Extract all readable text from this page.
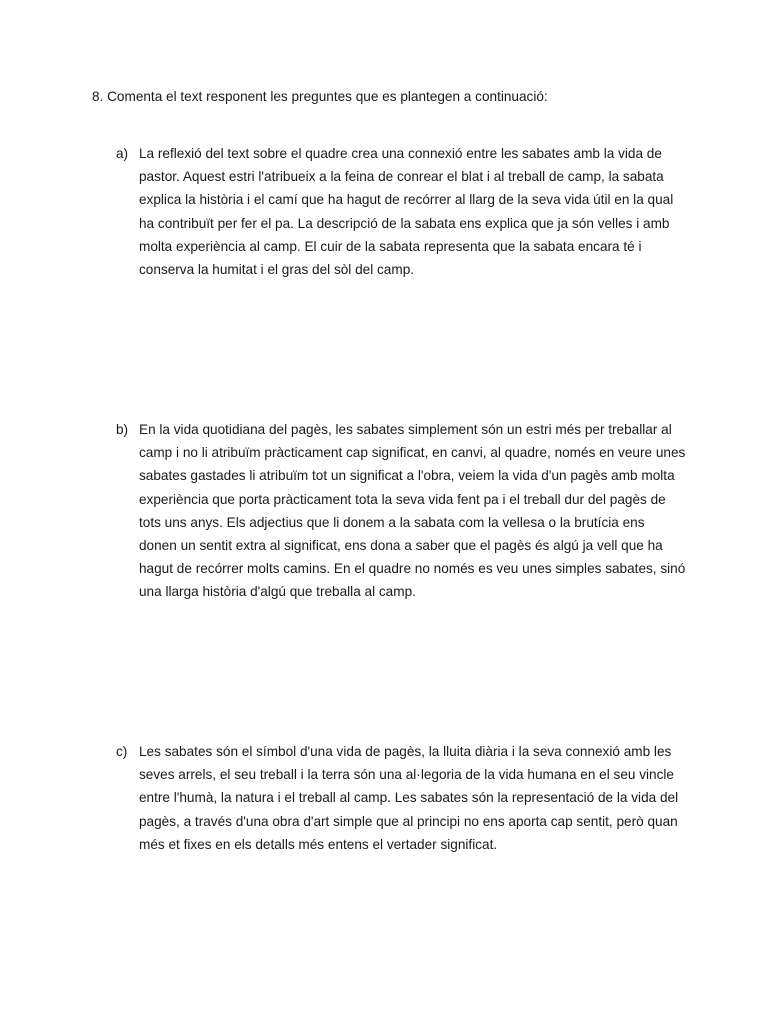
8. Comenta el text responent les preguntes que es plantegen a continuació:
a) La reflexió del text sobre el quadre crea una connexió entre les sabates amb la vida de pastor. Aquest estri l'atribueix a la feina de conrear el blat i al treball de camp, la sabata explica la història i el camí que ha hagut de recórrer al llarg de la seva vida útil en la qual ha contribuït per fer el pa. La descripció de la sabata ens explica que ja són velles i amb molta experiència al camp. El cuir de la sabata representa que la sabata encara té i conserva la humitat i el gras del sòl del camp.
b) En la vida quotidiana del pagès, les sabates simplement són un estri més per treballar al camp i no li atribuïm pràcticament cap significat, en canvi, al quadre, només en veure unes sabates gastades li atribuïm tot un significat a l'obra, veiem la vida d'un pagès amb molta experiència que porta pràcticament tota la seva vida fent pa i el treball dur del pagès de tots uns anys. Els adjectius que li donem a la sabata com la vellesa o la brutícia ens donen un sentit extra al significat, ens dona a saber que el pagès és algú ja vell que ha hagut de recórrer molts camins. En el quadre no només es veu unes simples sabates, sinó una llarga història d'algú que treballa al camp.
c) Les sabates són el símbol d'una vida de pagès, la lluita diària i la seva connexió amb les seves arrels, el seu treball i la terra són una al·legoria de la vida humana en el seu vincle entre l'humà, la natura i el treball al camp. Les sabates són la representació de la vida del pagès, a través d'una obra d'art simple que al principi no ens aporta cap sentit, però quan més et fixes en els detalls més entens el vertader significat.
